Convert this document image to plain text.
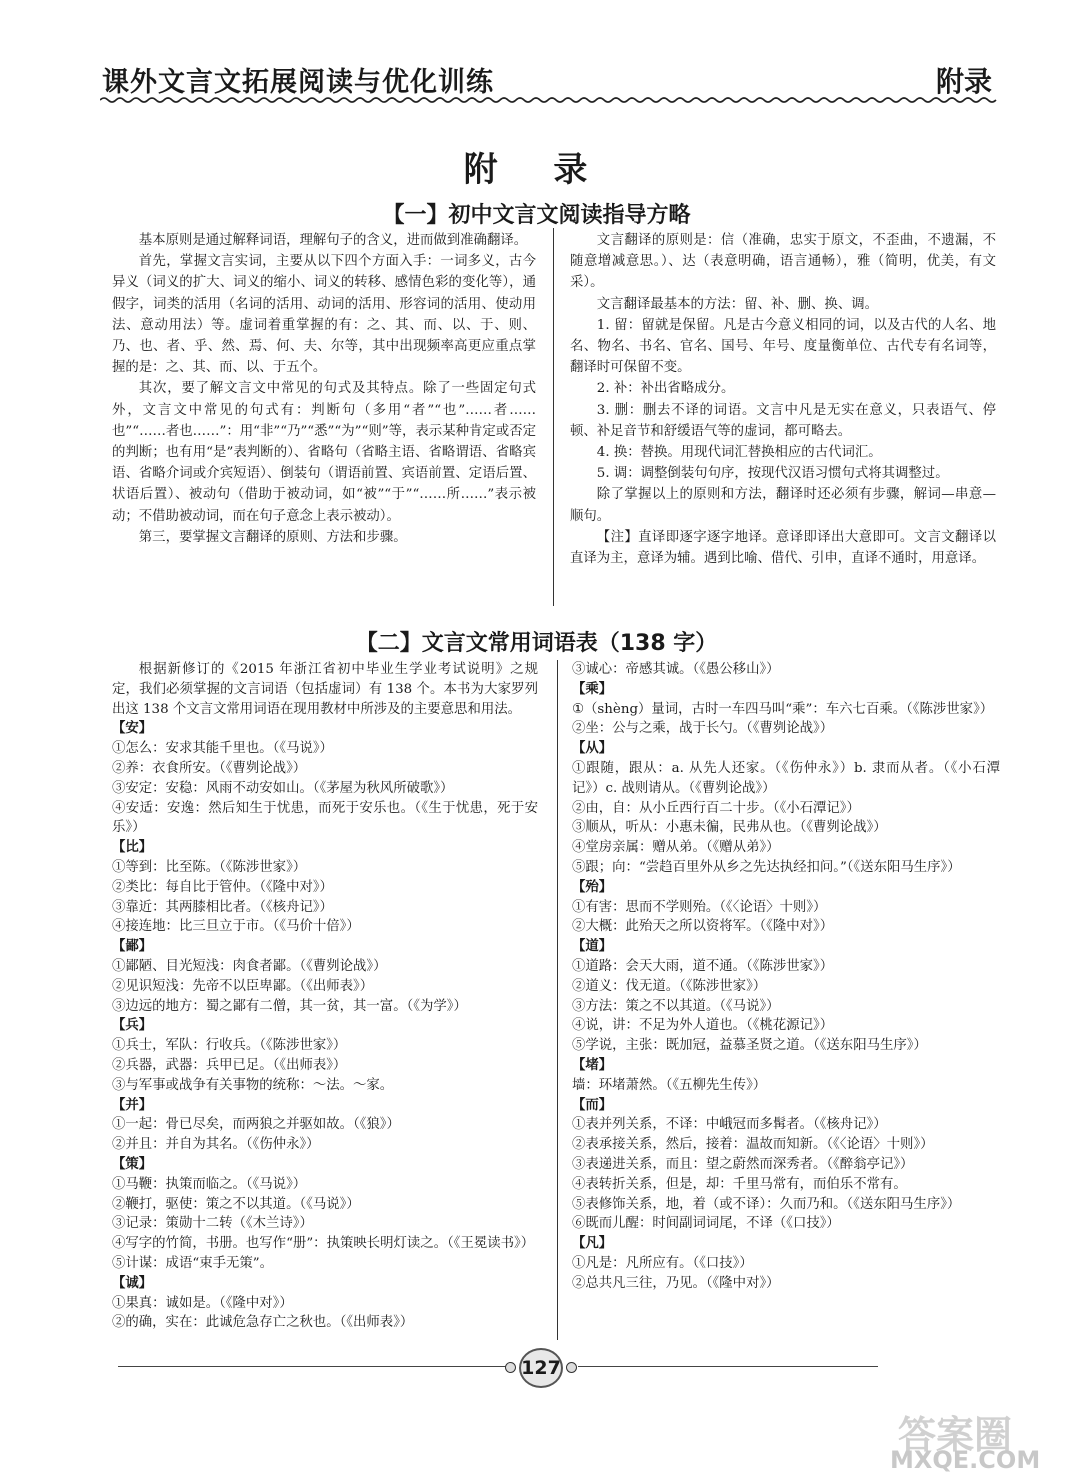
课外文言文拓展阅读与优化训练	附录
附 录
【一】初中文言文阅读指导方略

基本原则是通过解释词语，理解句子的含义，进而做到准确翻译。

首先，掌握文言实词，主要从以下四个方面入手：一词多义，古今异义（词义的扩大、词义的缩小、词义的转移、感情色彩的变化等），通假字，词类的活用（名词的活用、动词的活用、形容词的活用、使动用法、意动用法）等。虚词着重掌握的有：之、其、而、以、于、则、乃、也、者、乎、然、焉、何、夫、尔等，其中出现频率高更应重点掌握的是：之、其、而、以、于五个。

其次，要了解文言文中常见的句式及其特点。除了一些固定句式外，文言文中常见的句式有：判断句（多用“者”“也”……者……也”“……者也……”：用“非”“乃”“悉”“为”“则”等，表示某种肯定或否定的判断；也有用“是”表判断的）、省略句（省略主语、省略谓语、省略宾语、省略介词或介宾短语）、倒装句（谓语前置、宾语前置、定语后置、状语后置）、被动句（借助于被动词，如“被”“于”“……所……”表示被动；不借助被动词，而在句子意念上表示被动）。

第三，要掌握文言翻译的原则、方法和步骤。

文言翻译的原则是：信（准确，忠实于原文，不歪曲，不遗漏，不随意增减意思。）、达（表意明确，语言通畅），雅（简明，优美，有文采）。

文言翻译最基本的方法：留、补、删、换、调。

1. 留：留就是保留。凡是古今意义相同的词，以及古代的人名、地名、物名、书名、官名、国号、年号、度量衡单位、古代专有名词等，翻译时可保留不变。

2. 补：补出省略成分。

3. 删：删去不译的词语。文言中凡是无实在意义，只表语气、停顿、补足音节和舒缓语气等的虚词，都可略去。

4. 换：替换。用现代词汇替换相应的古代词汇。

5. 调：调整倒装句句序，按现代汉语习惯句式将其调整过。

除了掌握以上的原则和方法，翻译时还必须有步骤，解词—串意—顺句。

【注】直译即逐字逐字地译。意译即译出大意即可。文言文翻译以直译为主，意译为辅。遇到比喻、借代、引申，直译不通时，用意译。

【二】文言文常用词语表（138 字）

根据新修订的《2015 年浙江省初中毕业生学业考试说明》之规定，我们必须掌握的文言词语（包括虚词）有 138 个。本书为大家罗列出这 138 个文言文常用词语在现用教材中所涉及的主要意思和用法。

【安】
①怎么：安求其能千里也。（《马说》）
②养：衣食所安。（《曹刿论战》）
③安定：安稳：风雨不动安如山。（《茅屋为秋风所破歌》）
④安适：安逸：然后知生于忧患，而死于安乐也。（《生于忧患，死于安乐》）
【比】
①等到：比至陈。（《陈涉世家》）
②类比：每自比于管仲。（《隆中对》）
③靠近：其两膝相比者。（《核舟记》）
④接连地：比三旦立于市。（《马价十倍》）
【鄙】
①鄙陋、目光短浅：肉食者鄙。（《曹刿论战》）
②见识短浅：先帝不以臣卑鄙。（《出师表》）
③边远的地方：蜀之鄙有二僧，其一贫，其一富。（《为学》）
【兵】
①兵士，军队：行收兵。（《陈涉世家》）
②兵器，武器：兵甲已足。（《出师表》）
③与军事或战争有关事物的统称：～法。～家。
【并】
①一起：骨已尽矣，而两狼之并驱如故。（《狼》）
②并且：并自为其名。（《伤仲永》）
【策】
①马鞭：执策而临之。（《马说》）
②鞭打，驱使：策之不以其道。（《马说》）
③记录：策勋十二转（《木兰诗》）
④写字的竹简，书册。也写作“册”：执策映长明灯读之。（《王冕读书》）
⑤计谋：成语“束手无策”。
【诚】
①果真：诚如是。（《隆中对》）
②的确，实在：此诚危急存亡之秋也。（《出师表》）
③诚心：帝感其诚。（《愚公移山》）
【乘】
①（shèng）量词，古时一车四马叫“乘”：车六七百乘。（《陈涉世家》）
②坐：公与之乘，战于长勺。（《曹刿论战》）
【从】
①跟随，跟从：a. 从先人还家。（《伤仲永》）b. 隶而从者。（《小石潭记》）c. 战则请从。（《曹刿论战》）
②由，自：从小丘西行百二十步。（《小石潭记》）
③顺从，听从：小惠未徧，民弗从也。（《曹刿论战》）
④堂房亲属：赠从弟。（《赠从弟》）
⑤跟；向：“尝趋百里外从乡之先达执经扣问。”（《送东阳马生序》）
【殆】
①有害：思而不学则殆。（《〈论语〉十则》）
②大概：此殆天之所以资将军。（《隆中对》）
【道】
①道路：会天大雨，道不通。（《陈涉世家》）
②道义：伐无道。（《陈涉世家》）
③方法：策之不以其道。（《马说》）
④说，讲：不足为外人道也。（《桃花源记》）
⑤学说，主张：既加冠，益慕圣贤之道。（《送东阳马生序》）
【堵】
墙：环堵萧然。（《五柳先生传》）
【而】
①表并列关系，不译：中峨冠而多髯者。（《核舟记》）
②表承接关系，然后，接着：温故而知新。（《〈论语〉十则》）
③表递进关系，而且：望之蔚然而深秀者。（《醉翁亭记》）
④表转折关系，但是，却：千里马常有，而伯乐不常有。
⑤表修饰关系，地，着（或不译）：久而乃和。（《送东阳马生序》）
⑥既而儿醒：时间副词词尾，不译（《口技》）
【凡】
①凡是：凡所应有。（《口技》）
②总共凡三往，乃见。（《隆中对》）
127
答案圈
MXQE.COM
